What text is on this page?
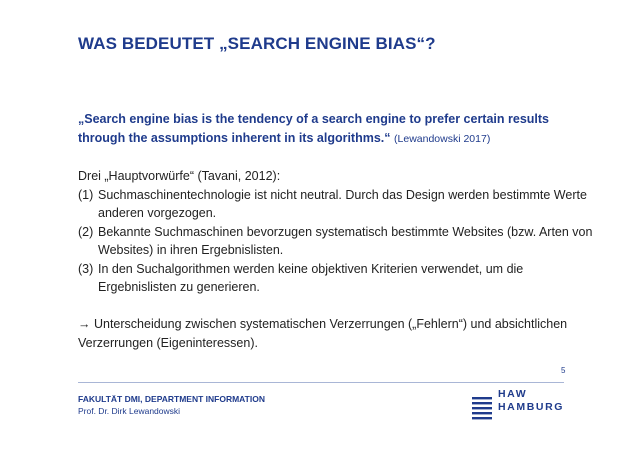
WAS BEDEUTET „SEARCH ENGINE BIAS“?
„Search engine bias is the tendency of a search engine to prefer certain results through the assumptions inherent in its algorithms.“ (Lewandowski 2017)

Drei „Hauptvorwürfe“ (Tavani, 2012):

(1) Suchmaschinentechnologie ist nicht neutral. Durch das Design werden bestimmte Werte anderen vorgezogen.
(2) Bekannte Suchmaschinen bevorzugen systematisch bestimmte Websites (bzw. Arten von Websites) in ihren Ergebnislisten.
(3) In den Suchalgorithmen werden keine objektiven Kriterien verwendet, um die Ergebnislisten zu generieren.

→ Unterscheidung zwischen systematischen Verzerrungen („Fehlern“) und absichtlichen Verzerrungen (Eigeninteressen).

5
FAKULTÄT DMI, DEPARTMENT INFORMATION
Prof. Dr. Dirk Lewandowski
HAW
HAMBURG
